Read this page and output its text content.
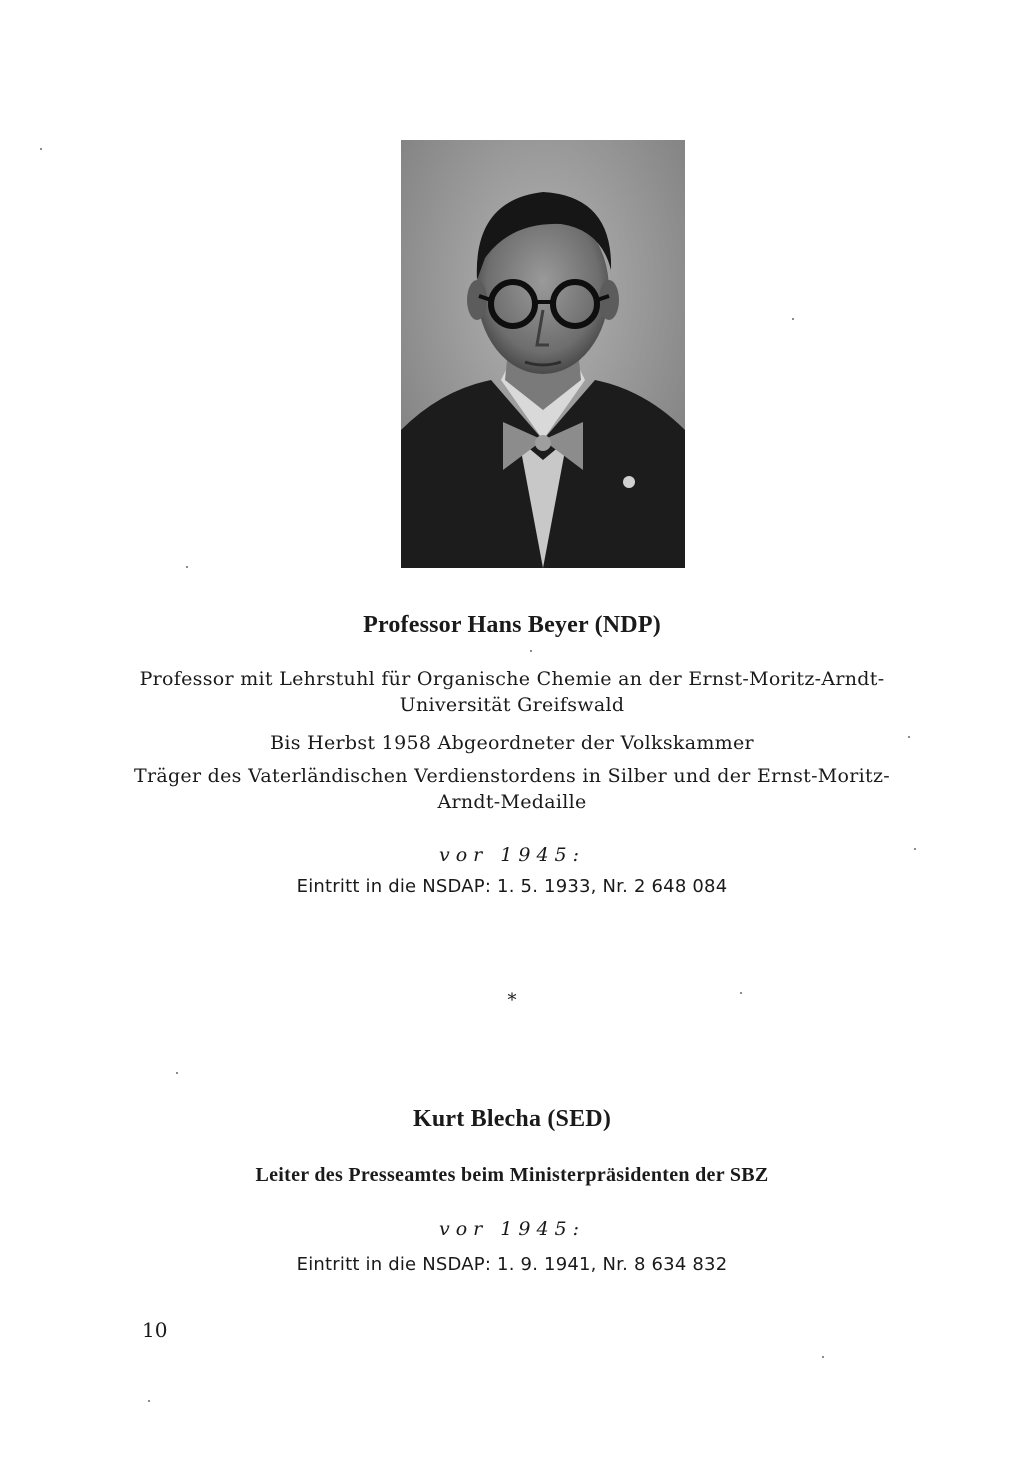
Professor Hans Beyer (NDP)
Professor mit Lehrstuhl für Organische Chemie an der Ernst-Moritz-Arndt-
Universität Greifswald
Bis Herbst 1958 Abgeordneter der Volkskammer
Träger des Vaterländischen Verdienstordens in Silber und der Ernst-Moritz-
Arndt-Medaille
vor 1945:
Eintritt in die NSDAP: 1. 5. 1933, Nr. 2 648 084
*
Kurt Blecha (SED)
Leiter des Presseamtes beim Ministerpräsidenten der SBZ
vor 1945:
Eintritt in die NSDAP: 1. 9. 1941, Nr. 8 634 832
10
